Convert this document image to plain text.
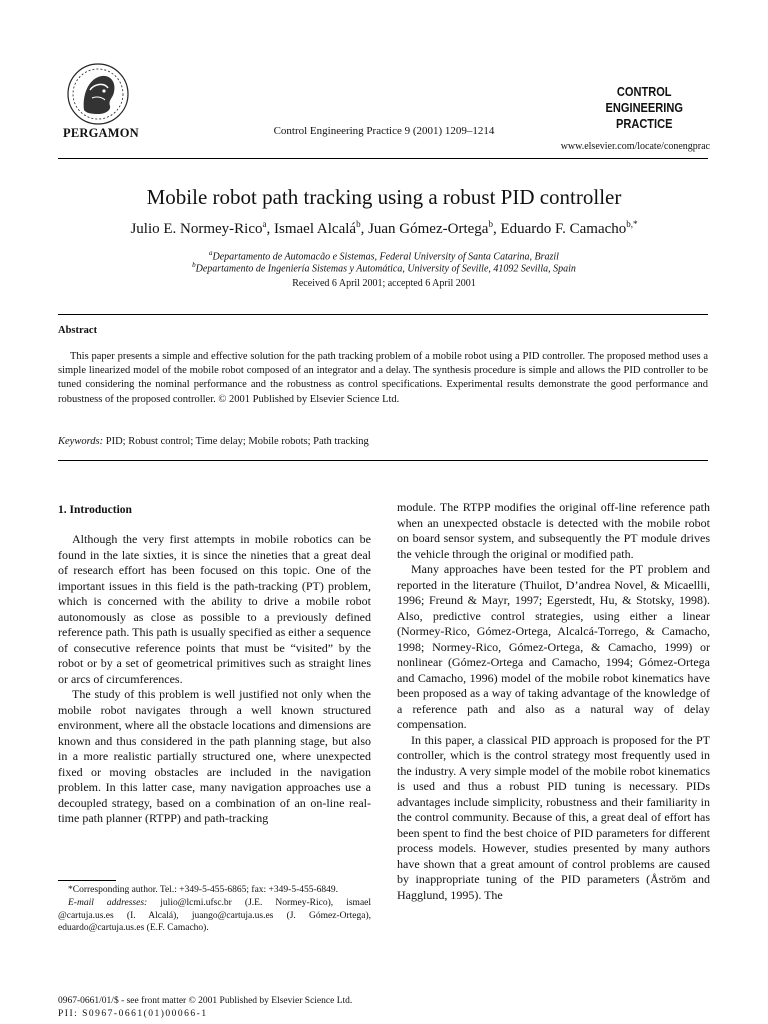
PERGAMON	Control Engineering Practice 9 (2001) 1209–1214
CONTROL ENGINEERING
PRACTICE
www.elsevier.com/locate/conengprac
Mobile robot path tracking using a robust PID controller
Julio E. Normey-Rico$^a$, Ismael Alcalá$^b$, Juan Gómez-Ortega$^b$, Eduardo F. Camacho$^{b,*}$
$^a$Departamento de Automacão e Sistemas, Federal University of Santa Catarina, Brazil
$^b$Departamento de Ingeniería Sistemas y Automática, University of Seville, 41092 Sevilla, Spain
Received 6 April 2001; accepted 6 April 2001
Abstract

This paper presents a simple and effective solution for the path tracking problem of a mobile robot using a PID controller. The proposed method uses a simple linearized model of the mobile robot composed of an integrator and a delay. The synthesis procedure is simple and allows the PID controller to be tuned considering the nominal performance and the robustness as control specifications. Experimental results demonstrate the good performance and robustness of the proposed controller. © 2001 Published by Elsevier Science Ltd.

Keywords: PID; Robust control; Time delay; Mobile robots; Path tracking
1. Introduction

Although the very first attempts in mobile robotics can be found in the late sixties, it is since the nineties that a great deal of research effort has been focused on this topic. One of the important issues in this field is the path-tracking (PT) problem, which is concerned with the ability to drive a mobile robot autonomously as close as possible to a previously defined reference path. This path is usually specified as either a sequence of consecutive reference points that must be “visited” by the robot or by a set of geometrical primitives such as straight lines or arcs of circumferences.

The study of this problem is well justified not only when the mobile robot navigates through a well known structured environment, where all the obstacle locations and dimensions are known and thus considered in the path planning stage, but also in a more realistic partially structured one, where unexpected fixed or moving obstacles are included in the navigation problem. In this latter case, many navigation approaches use a decoupled strategy, based on a combination of an on-line real-time path planner (RTPP) and path-tracking

module. The RTPP modifies the original off-line reference path when an unexpected obstacle is detected with the mobile robot on board sensor system, and subsequently the PT module drives the vehicle through the original or modified path.

Many approaches have been tested for the PT problem and reported in the literature (Thuilot, D’andrea Novel, & Micaellli, 1996; Freund & Mayr, 1997; Egerstedt, Hu, & Stotsky, 1998). Also, predictive control strategies, using either a linear (Normey-Rico, Gómez-Ortega, Alcalcá-Torrego, & Camacho, 1998; Normey-Rico, Gómez-Ortega, & Camacho, 1999) or nonlinear (Gómez-Ortega and Camacho, 1994; Gómez-Ortega and Camacho, 1996) model of the mobile robot kinematics have been proposed as a way of taking advantage of the knowledge of a reference path and also as a natural way of delay compensation.

In this paper, a classical PID approach is proposed for the PT controller, which is the control strategy most frequently used in the industry. A very simple model of the mobile robot kinematics is used and thus a robust PID tuning is necessary. PIDs advantages include simplicity, robustness and their familiarity in the control community. Because of this, a great deal of effort has been spent to find the best choice of PID parameters for different process models. However, studies presented by many authors have shown that a great amount of control problems are caused by inappropriate tuning of the PID parameters (Åström and Hagglund, 1995). The

*Corresponding author. Tel.: +349-5-455-6865; fax: +349-5-455-6849.

E-mail addresses: julio@lcmi.ufsc.br (J.E. Normey-Rico), ismael @cartuja.us.es (I. Alcalá), juango@cartuja.us.es (J. Gómez-Ortega), eduardo@cartuja.us.es (E.F. Camacho).

0967-0661/01/$ - see front matter © 2001 Published by Elsevier Science Ltd.
PII: S0967-0661(01)00066-1
